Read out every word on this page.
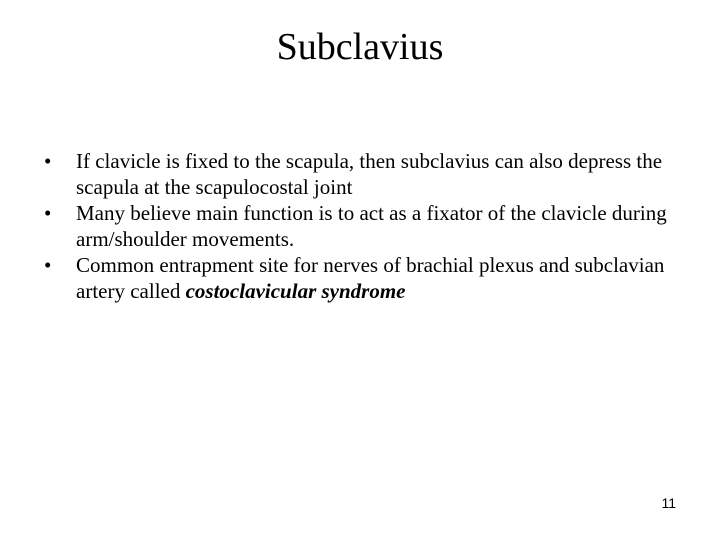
Subclavius
•	If clavicle is fixed to the scapula, then subclavius can also depress the scapula at the scapulocostal joint
•	Many believe main function is to act as a fixator of the clavicle during arm/shoulder movements.
•	Common entrapment site for nerves of brachial plexus and subclavian artery called costoclavicular syndrome
11
